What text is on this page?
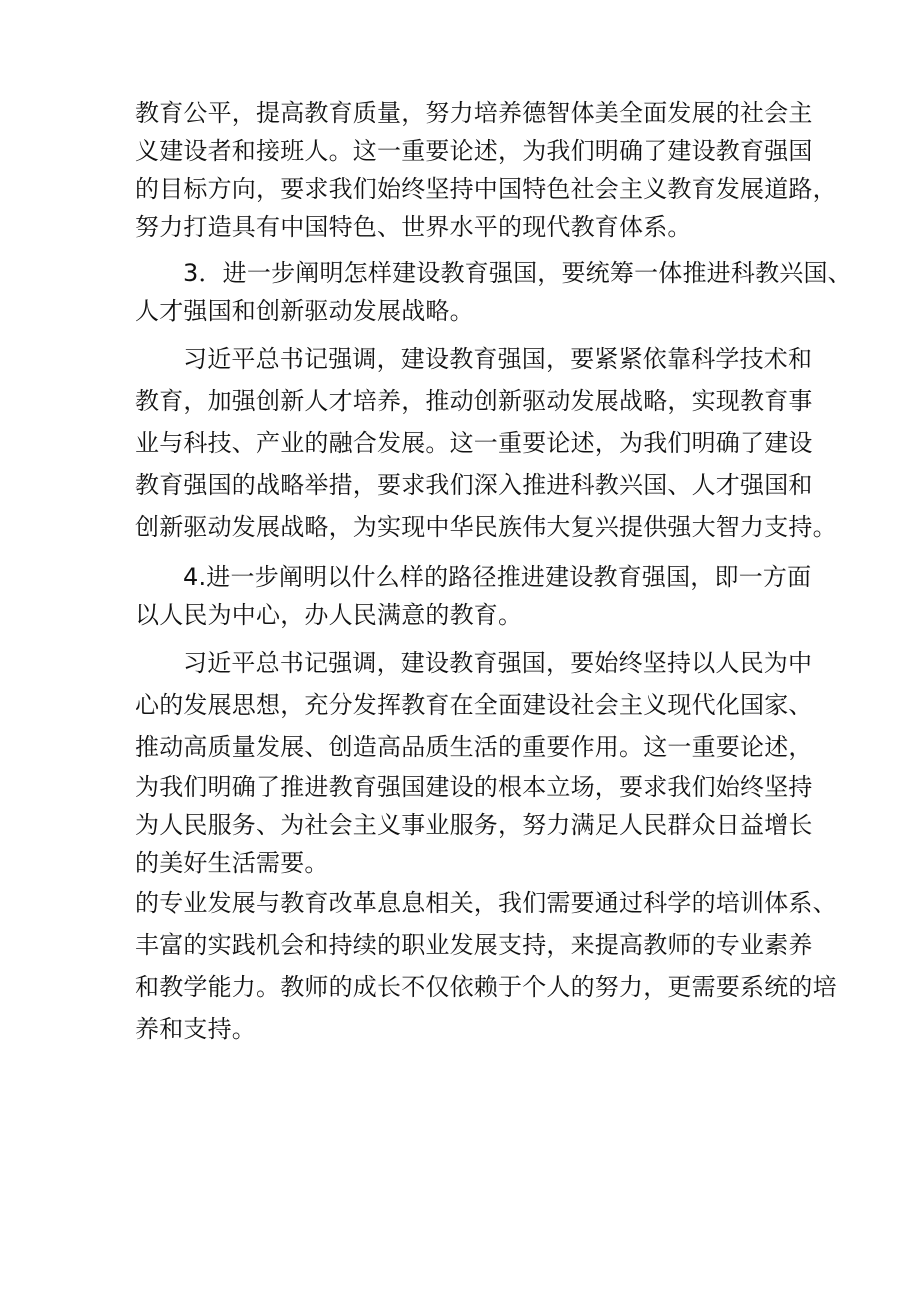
教育公平，提高教育质量，努力培养德智体美全面发展的社会主
义建设者和接班人。这一重要论述，为我们明确了建设教育强国
的目标方向，要求我们始终坚持中国特色社会主义教育发展道路，
努力打造具有中国特色、世界水平的现代教育体系。
3．进一步阐明怎样建设教育强国，要统筹一体推进科教兴国、
人才强国和创新驱动发展战略。
习近平总书记强调，建设教育强国，要紧紧依靠科学技术和
教育，加强创新人才培养，推动创新驱动发展战略，实现教育事
业与科技、产业的融合发展。这一重要论述，为我们明确了建设
教育强国的战略举措，要求我们深入推进科教兴国、人才强国和
创新驱动发展战略，为实现中华民族伟大复兴提供强大智力支持。
4.进一步阐明以什么样的路径推进建设教育强国，即一方面
以人民为中心，办人民满意的教育。
习近平总书记强调，建设教育强国，要始终坚持以人民为中
心的发展思想，充分发挥教育在全面建设社会主义现代化国家、
推动高质量发展、创造高品质生活的重要作用。这一重要论述，
为我们明确了推进教育强国建设的根本立场，要求我们始终坚持
为人民服务、为社会主义事业服务，努力满足人民群众日益增长
的美好生活需要。
的专业发展与教育改革息息相关，我们需要通过科学的培训体系、
丰富的实践机会和持续的职业发展支持，来提高教师的专业素养
和教学能力。教师的成长不仅依赖于个人的努力，更需要系统的培
养和支持。
